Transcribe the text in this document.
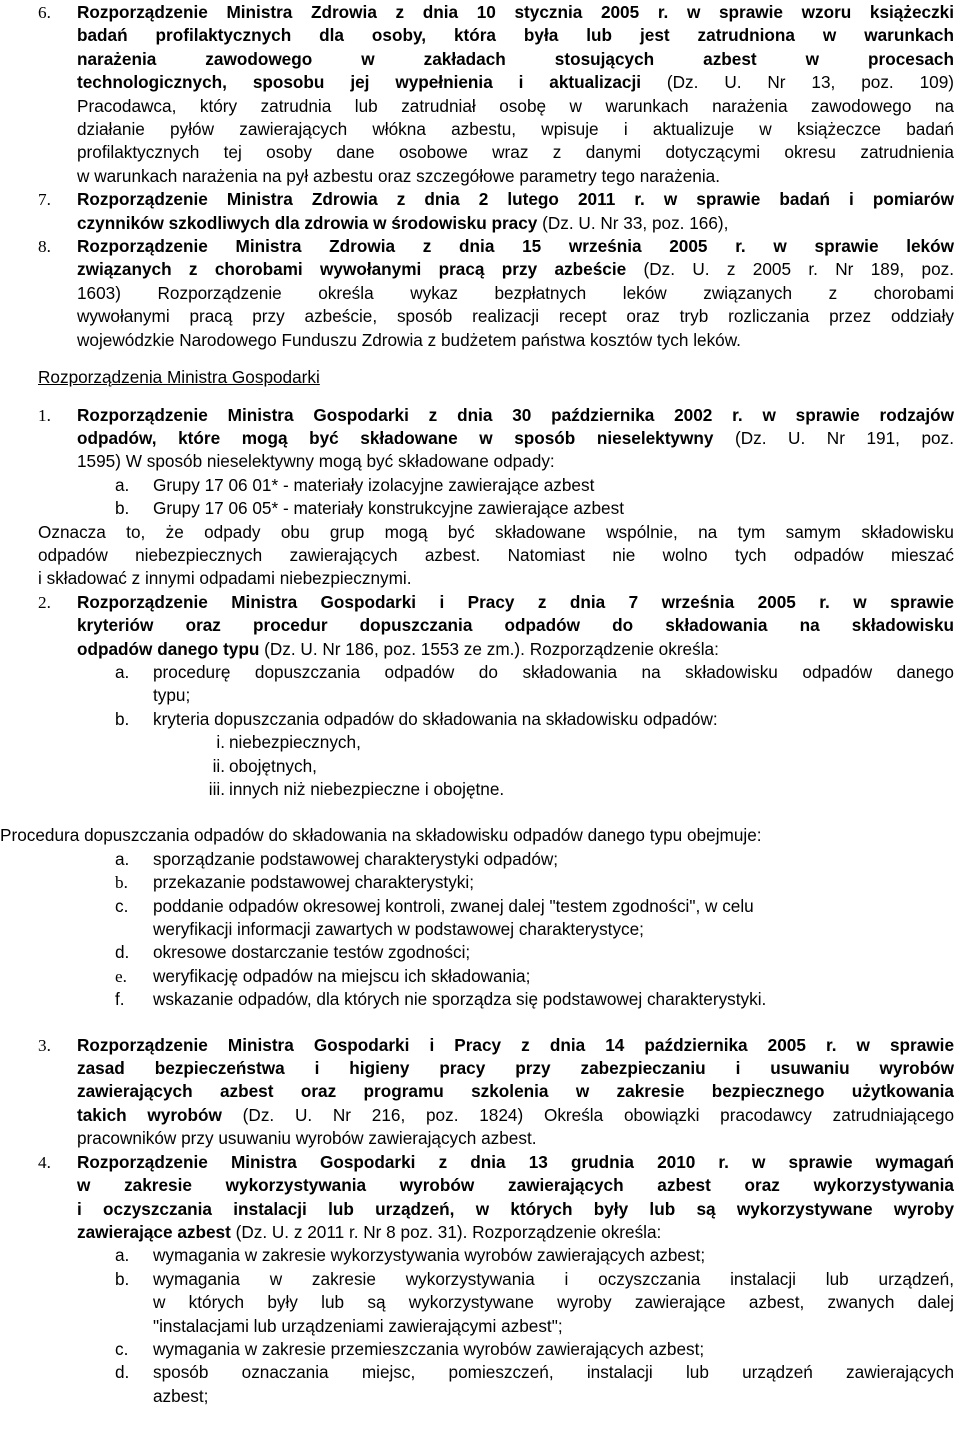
6. Rozporządzenie Ministra Zdrowia z dnia 10 stycznia 2005 r. w sprawie wzoru książeczki
badań profilaktycznych dla osoby, która była lub jest zatrudniona w warunkach
narażenia zawodowego w zakładach stosujących azbest w procesach
technologicznych, sposobu jej wypełnienia i aktualizacji (Dz. U. Nr 13, poz. 109)
Pracodawca, który zatrudnia lub zatrudniał osobę w warunkach narażenia zawodowego na
działanie pyłów zawierających włókna azbestu, wpisuje i aktualizuje w książeczce badań
profilaktycznych tej osoby dane osobowe wraz z danymi dotyczącymi okresu zatrudnienia
w warunkach narażenia na pył azbestu oraz szczegółowe parametry tego narażenia.
7. Rozporządzenie Ministra Zdrowia z dnia 2 lutego 2011 r. w sprawie badań i pomiarów
czynników szkodliwych dla zdrowia w środowisku pracy (Dz. U. Nr 33, poz. 166),
8. Rozporządzenie Ministra Zdrowia z dnia 15 września 2005 r. w sprawie leków
związanych z chorobami wywołanymi pracą przy azbeście (Dz. U. z 2005 r. Nr 189, poz.
1603) Rozporządzenie określa wykaz bezpłatnych leków związanych z chorobami
wywołanymi pracą przy azbeście, sposób realizacji recept oraz tryb rozliczania przez oddziały
wojewódzkie Narodowego Funduszu Zdrowia z budżetem państwa kosztów tych leków.
Rozporządzenia Ministra Gospodarki
1. Rozporządzenie Ministra Gospodarki z dnia 30 października 2002 r. w sprawie rodzajów
odpadów, które mogą być składowane w sposób nieselektywny (Dz. U. Nr 191, poz.
1595) W sposób nieselektywny mogą być składowane odpady:
a. Grupy 17 06 01* - materiały izolacyjne zawierające azbest
b. Grupy 17 06 05* - materiały konstrukcyjne zawierające azbest
Oznacza to, że odpady obu grup mogą być składowane wspólnie, na tym samym składowisku
odpadów niebezpiecznych zawierających azbest. Natomiast nie wolno tych odpadów mieszać
i składować z innymi odpadami niebezpiecznymi.
2. Rozporządzenie Ministra Gospodarki i Pracy z dnia 7 września 2005 r. w sprawie
kryteriów oraz procedur dopuszczania odpadów do składowania na składowisku
odpadów danego typu (Dz. U. Nr 186, poz. 1553 ze zm.). Rozporządzenie określa:
a. procedurę dopuszczania odpadów do składowania na składowisku odpadów danego
typu;
b. kryteria dopuszczania odpadów do składowania na składowisku odpadów:
i. niebezpiecznych,
ii. obojętnych,
iii. innych niż niebezpieczne i obojętne.
Procedura dopuszczania odpadów do składowania na składowisku odpadów danego typu obejmuje:
a. sporządzanie podstawowej charakterystyki odpadów;
b. przekazanie podstawowej charakterystyki;
c. poddanie odpadów okresowej kontroli, zwanej dalej "testem zgodności", w celu
weryfikacji informacji zawartych w podstawowej charakterystyce;
d. okresowe dostarczanie testów zgodności;
e. weryfikację odpadów na miejscu ich składowania;
f. wskazanie odpadów, dla których nie sporządza się podstawowej charakterystyki.
3. Rozporządzenie Ministra Gospodarki i Pracy z dnia 14 października 2005 r. w sprawie
zasad bezpieczeństwa i higieny pracy przy zabezpieczaniu i usuwaniu wyrobów
zawierających azbest oraz programu szkolenia w zakresie bezpiecznego użytkowania
takich wyrobów (Dz. U. Nr 216, poz. 1824) Określa obowiązki pracodawcy zatrudniającego
pracowników przy usuwaniu wyrobów zawierających azbest.
4. Rozporządzenie Ministra Gospodarki z dnia 13 grudnia 2010 r. w sprawie wymagań
w zakresie wykorzystywania wyrobów zawierających azbest oraz wykorzystywania
i oczyszczania instalacji lub urządzeń, w których były lub są wykorzystywane wyroby
zawierające azbest (Dz. U. z 2011 r. Nr 8 poz. 31). Rozporządzenie określa:
a. wymagania w zakresie wykorzystywania wyrobów zawierających azbest;
b. wymagania w zakresie wykorzystywania i oczyszczania instalacji lub urządzeń,
w których były lub są wykorzystywane wyroby zawierające azbest, zwanych dalej
"instalacjami lub urządzeniami zawierającymi azbest";
c. wymagania w zakresie przemieszczania wyrobów zawierających azbest;
d. sposób oznaczania miejsc, pomieszczeń, instalacji lub urządzeń zawierających
azbest;
